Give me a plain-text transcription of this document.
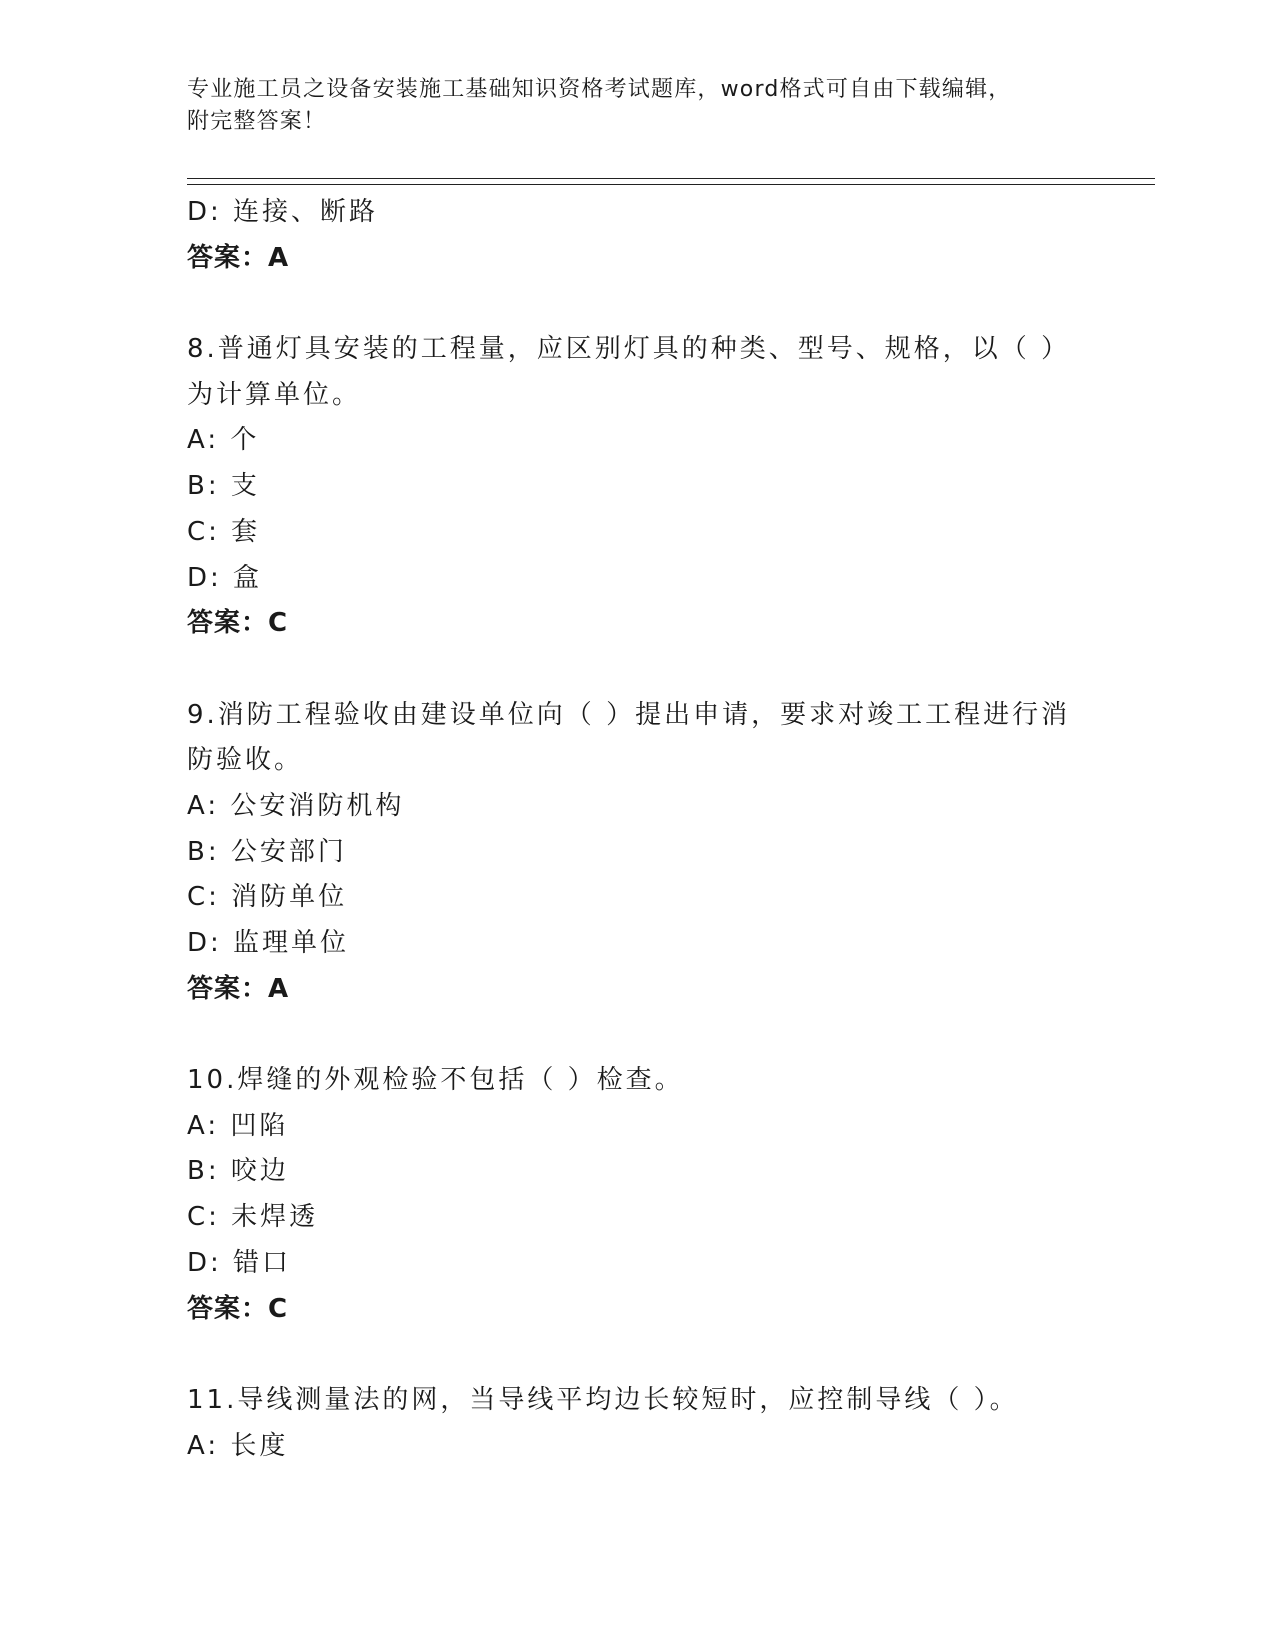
专业施工员之设备安装施工基础知识资格考试题库，word格式可自由下载编辑，
附完整答案！
D: 连接、断路
答案：A
8.普通灯具安装的工程量，应区别灯具的种类、型号、规格，以（ ）
为计算单位。
A: 个
B: 支
C: 套
D: 盒
答案：C
9.消防工程验收由建设单位向（ ）提出申请，要求对竣工工程进行消
防验收。
A: 公安消防机构
B: 公安部门
C: 消防单位
D: 监理单位
答案：A
10.焊缝的外观检验不包括（ ）检查。
A: 凹陷
B: 咬边
C: 未焊透
D: 错口
答案：C
11.导线测量法的网，当导线平均边长较短时，应控制导线（ ）。
A: 长度
